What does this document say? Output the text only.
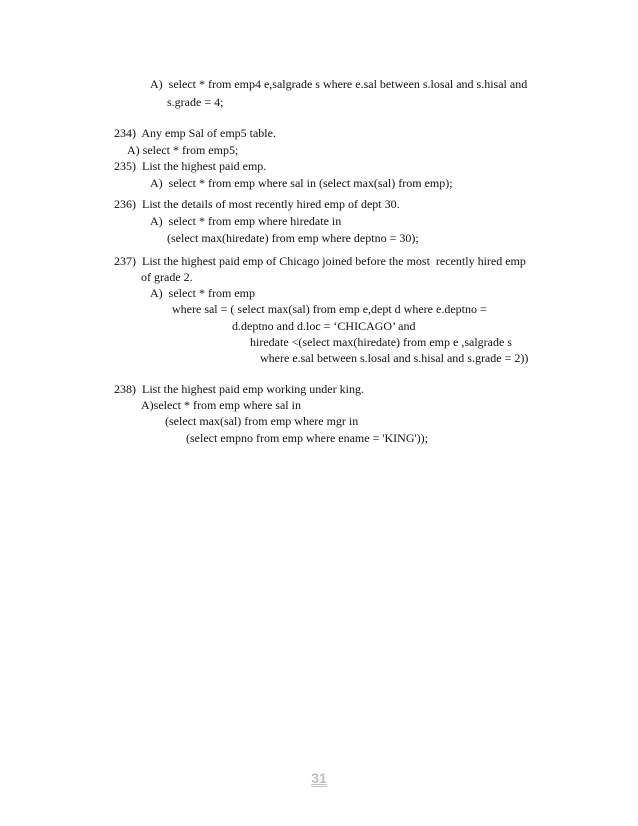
A)  select * from emp4 e,salgrade s where e.sal between s.losal and s.hisal and
s.grade = 4;
234)  Any emp Sal of emp5 table.
A) select * from emp5;
235)  List the highest paid emp.
A)  select * from emp where sal in (select max(sal) from emp);
236)  List the details of most recently hired emp of dept 30.
A)  select * from emp where hiredate in
(select max(hiredate) from emp where deptno = 30);
237)  List the highest paid emp of Chicago joined before the most  recently hired emp
of grade 2.
A)  select * from emp
where sal = ( select max(sal) from emp e,dept d where e.deptno =
d.deptno and d.loc = ‘CHICAGO’ and
hiredate <(select max(hiredate) from emp e ,salgrade s
where e.sal between s.losal and s.hisal and s.grade = 2))
238)  List the highest paid emp working under king.
A)select * from emp where sal in
(select max(sal) from emp where mgr in
(select empno from emp where ename = 'KING'));
31
